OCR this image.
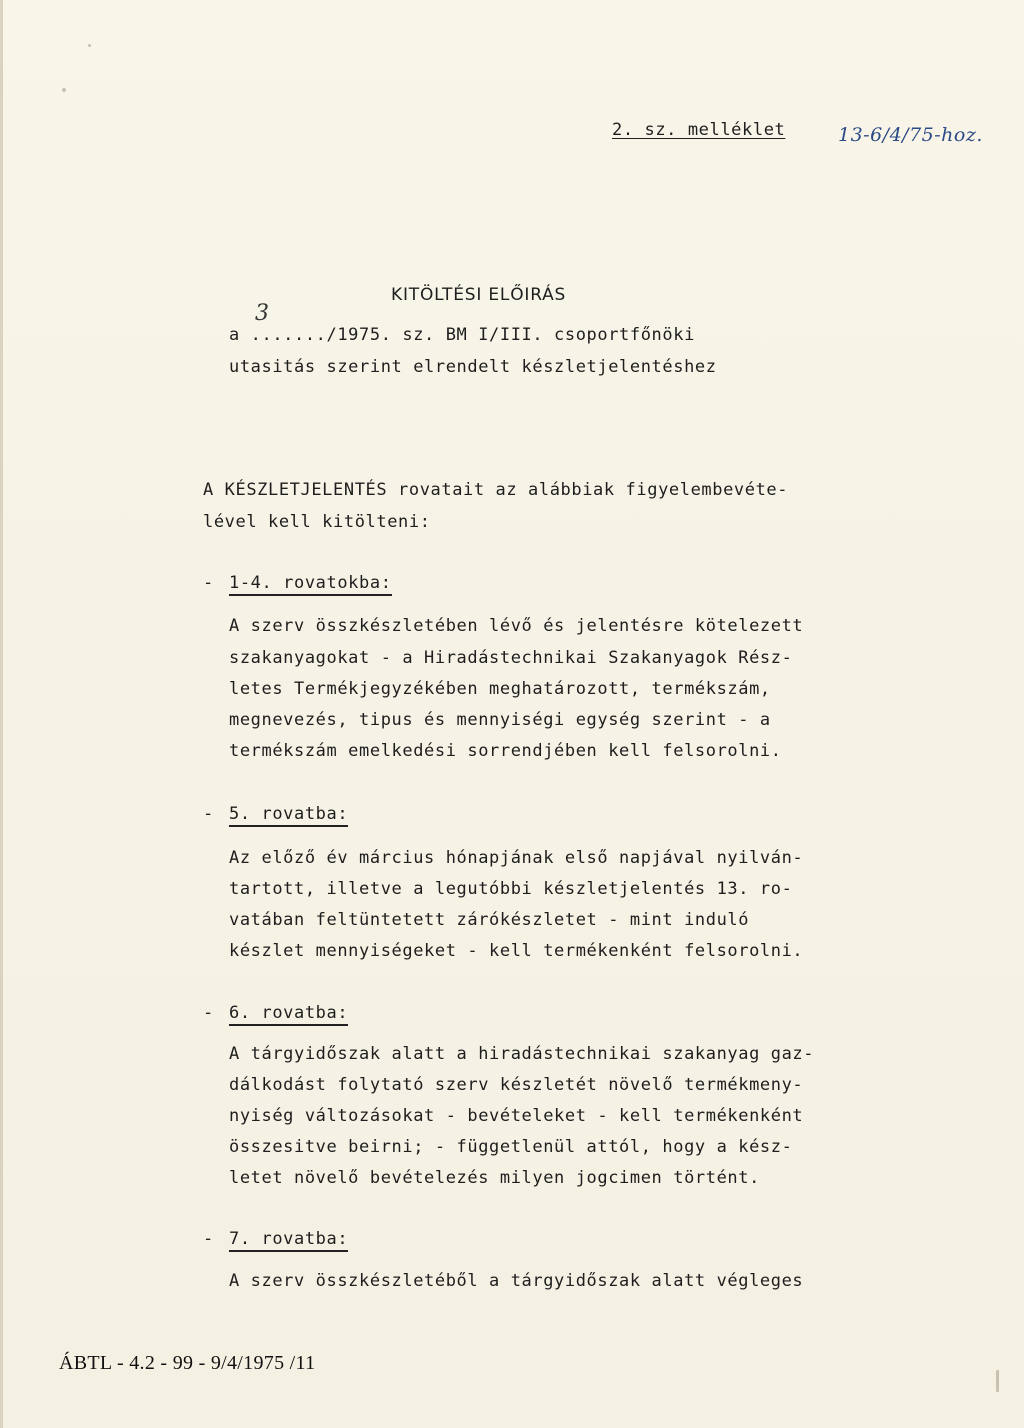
2. sz. melléklet	13-6/4/75-hoz.
KITÖLTÉSI ELŐIRÁS
3
a ......./1975. sz. BM I/III. csoportfőnöki
utasitás szerint elrendelt készletjelentéshez
A KÉSZLETJELENTÉS rovatait az alábbiak figyelembevéte-
lével kell kitölteni:
- 1-4. rovatokba:
A szerv összkészletében lévő és jelentésre kötelezett
szakanyagokat - a Hiradástechnikai Szakanyagok Rész-
letes Termékjegyzékében meghatározott, termékszám,
megnevezés, tipus és mennyiségi egység szerint - a
termékszám emelkedési sorrendjében kell felsorolni.
- 5. rovatba:
Az előző év március hónapjának első napjával nyilván-
tartott, illetve a legutóbbi készletjelentés 13. ro-
vatában feltüntetett zárókészletet - mint induló
készlet mennyiségeket - kell termékenként felsorolni.
- 6. rovatba:
A tárgyidőszak alatt a hiradástechnikai szakanyag gaz-
dálkodást folytató szerv készletét növelő termékmeny-
nyiség változásokat - bevételeket - kell termékenként
összesitve beirni; - függetlenül attól, hogy a kész-
letet növelő bevételezés milyen jogcimen történt.
- 7. rovatba:
A szerv összkészletéből a tárgyidőszak alatt végleges
ÁBTL - 4.2 - 99 - 9/4/1975 /11
